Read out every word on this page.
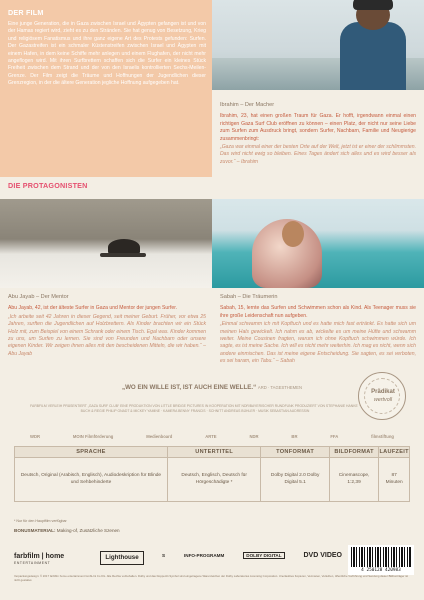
DER FILM
Eine junge Generation, die in Gaza zwischen Israel und Ägypten gefangen ist und von der Hamas regiert wird, zieht es zu den Stränden. Sie hat genug von Besetzung, Krieg und religiösem Fanatismus und ihre ganz eigene Art des Protests gefunden: Surfen. Der Gazastreifen ist ein schmaler Küstenstreifen zwischen Israel und Ägypten mit einem Hafen, in dem keine Schiffe mehr anlegen und einem Flughafen, der nicht mehr angeflogen wird. Mit ihren Surfbrettern schaffen sich die Surfer ein kleines Stück Freiheit zwischen dem Strand und der von den Israelis kontrollierten Sechs-Meilen-Grenze. Der Film zeigt die Träume und Hoffnungen der Jugendlichen dieser Grenzregion, in der die ältere Generation jegliche Hoffnung aufgegeben hat.
Ibrahim – Der Macher

Ibrahim, 23, hat einen großen Traum für Gaza. Er hofft, irgendwann einmal einen richtigen Gaza Surf Club eröffnen zu können – einen Platz, der nicht nur seine Liebe zum Surfen zum Ausdruck bringt, sondern Surfer, Nachbarn, Familie und Neugierige zusammenbringt:

„Gaza war einmal einer der besten Orte auf der Welt, jetzt ist er einer der schlimmsten. Das wird nicht ewig so bleiben. Eines Tages ändert sich alles und es wird besser als zuvor.“ – Ibrahim

DIE PROTAGONISTEN
Abu Jayab – Der Mentor

Abu Jayab, 42, ist der älteste Surfer in Gaza und Mentor der jungen Surfer.

„Ich arbeite seit 42 Jahren in dieser Gegend, seit meiner Geburt. Früher, vor etwa 25 Jahren, surften die Jugendlichen auf Holzbrettern. Als Kinder brachten wir ein Stück Holz mit, zum Beispiel von einem Schrank oder einem Tisch. Egal was. Kinder kommen zu uns, um Surfen zu lernen. Sie sind von Freunden und Nachbarn oder unsere eigenen Kinder. Wir zeigen ihnen alles mit den bescheidenen Mitteln, die wir haben.“ – Abu Jayab

Sabah – Die Träumerin

Sabah, 15, lernte das Surfen und Schwimmen schon als Kind. Als Teenager muss sie ihre große Leidenschaft nun aufgeben.

„Einmal schwamm ich mit Kopftuch und es hatte mich fast ertränkt. Es hatte sich um meinen Hals gewickelt. Ich nahm es ab, wickelte es um meine Hüfte und schwamm weiter. Meine Cousinen fragten, warum ich ohne Kopftuch schwimmen würde. Ich sagte, es ist meine Sache. Ich will es nicht mehr weiterhin. Ich mag es nicht, wenn sich andere einmischen. Das ist meine eigene Entscheidung. Sie sagten, es sei verboten, es sei haram, ein Tabu.“ – Sabah

„WO EIN WILLE IST, IST AUCH EINE WELLE.“ ARD · TAGESTHEMEN
Prädikat
wertvoll
FARBFILM VERLEIH PRÄSENTIERT „GAZA SURF CLUB“ EINE PRODUKTION VON LITTLE BRIDGE PICTURES IN KOOPERATION MIT NDR/BAYERISCHER RUNDFUNK PRODUZIERT VON STEPHANIE HANKE · BUCH & REGIE PHILIP GNADT & MICKEY YAMINE · KAMERA BENNY FRANCIS · SCHNITT ANDREAS BÜHLER · MUSIK SEBASTIAN AUDRESSIN
WDR	MOIN Filmförderung	Medienboard	ARTE	NDR	BR	FFA	filmstiftung
SPRACHE	UNTERTITEL	TONFORMAT	BILDFORMAT	LAUFZEIT
Deutsch, Original (Arabisch, Englisch), Audiodeskription für Blinde und Sehbehinderte	Deutsch, Englisch, Deutsch für Hörgeschädigte *	Dolby Digital 2.0 Dolby Digital 5.1	Cinemascope, 1:2,39	87 Minuten
* Nur für den Hauptfilm verfügbar
BONUSMATERIAL: Making-of, Zusätzliche Szenen
farbfilm | home
ENTERTAINMENT
Lighthouse	S	INFO-PROGRAMM	DOLBY DIGITAL	DVD VIDEO
4 250128 420983
Verpackungsdesign: © 2017 farbfilm home entertainment GmbH & Co KG. Alle Rechte vorbehalten. Dolby und das Doppel-D-Symbol sind eingetragene Warenzeichen der Dolby Laboratories Licensing Corporation. Unerlaubtes Kopieren, Vermieten, Verleihen, öffentliche Vorführung und Sendung dieser Bildtonträger ist nicht gestattet.
